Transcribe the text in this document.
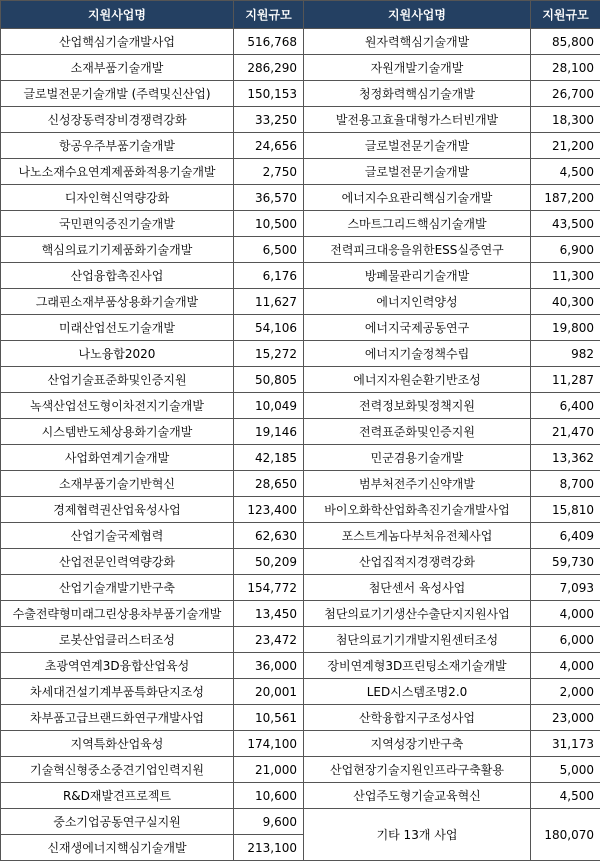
지원사업명	지원규모	지원사업명	지원규모
산업핵심기술개발사업	516,768	원자력핵심기술개발	85,800
소재부품기술개발	286,290	자원개발기술개발	28,100
글로벌전문기술개발 (주력및신산업)	150,153	청정화력핵심기술개발	26,700
신성장동력장비경쟁력강화	33,250	발전용고효율대형가스터빈개발	18,300
항공우주부품기술개발	24,656	글로벌전문기술개발	21,200
나노소재수요연계제품화적용기술개발	2,750	글로벌전문기술개발	4,500
디자인혁신역량강화	36,570	에너지수요관리핵심기술개발	187,200
국민편익증진기술개발	10,500	스마트그리드핵심기술개발	43,500
핵심의료기기제품화기술개발	6,500	전력피크대응을위한ESS실증연구	6,900
산업융합촉진사업	6,176	방폐물관리기술개발	11,300
그래핀소재부품상용화기술개발	11,627	에너지인력양성	40,300
미래산업선도기술개발	54,106	에너지국제공동연구	19,800
나노융합2020	15,272	에너지기술정책수립	982
산업기술표준화및인증지원	50,805	에너지자원순환기반조성	11,287
녹색산업선도형이차전지기술개발	10,049	전력정보화및정책지원	6,400
시스템반도체상용화기술개발	19,146	전력표준화및인증지원	21,470
사업화연계기술개발	42,185	민군겸용기술개발	13,362
소재부품기술기반혁신	28,650	범부처전주기신약개발	8,700
경제협력권산업육성사업	123,400	바이오화학산업화촉진기술개발사업	15,810
산업기술국제협력	62,630	포스트게놈다부처유전체사업	6,409
산업전문인력역량강화	50,209	산업집적지경쟁력강화	59,730
산업기술개발기반구축	154,772	첨단센서 육성사업	7,093
수출전략형미래그린상용차부품기술개발	13,450	첨단의료기기생산수출단지지원사업	4,000
로봇산업클러스터조성	23,472	첨단의료기기개발지원센터조성	6,000
초광역연계3D융합산업육성	36,000	장비연계형3D프린팅소재기술개발	4,000
차세대건설기계부품특화단지조성	20,001	LED시스템조명2.0	2,000
차부품고급브랜드화연구개발사업	10,561	산학융합지구조성사업	23,000
지역특화산업육성	174,100	지역성장기반구축	31,173
기술혁신형중소중견기업인력지원	21,000	산업현장기술지원인프라구축활용	5,000
R&D재발견프로젝트	10,600	산업주도형기술교육혁신	4,500
중소기업공동연구실지원	9,600	기타 13개 사업	180,070
신재생에너지핵심기술개발	213,100		
